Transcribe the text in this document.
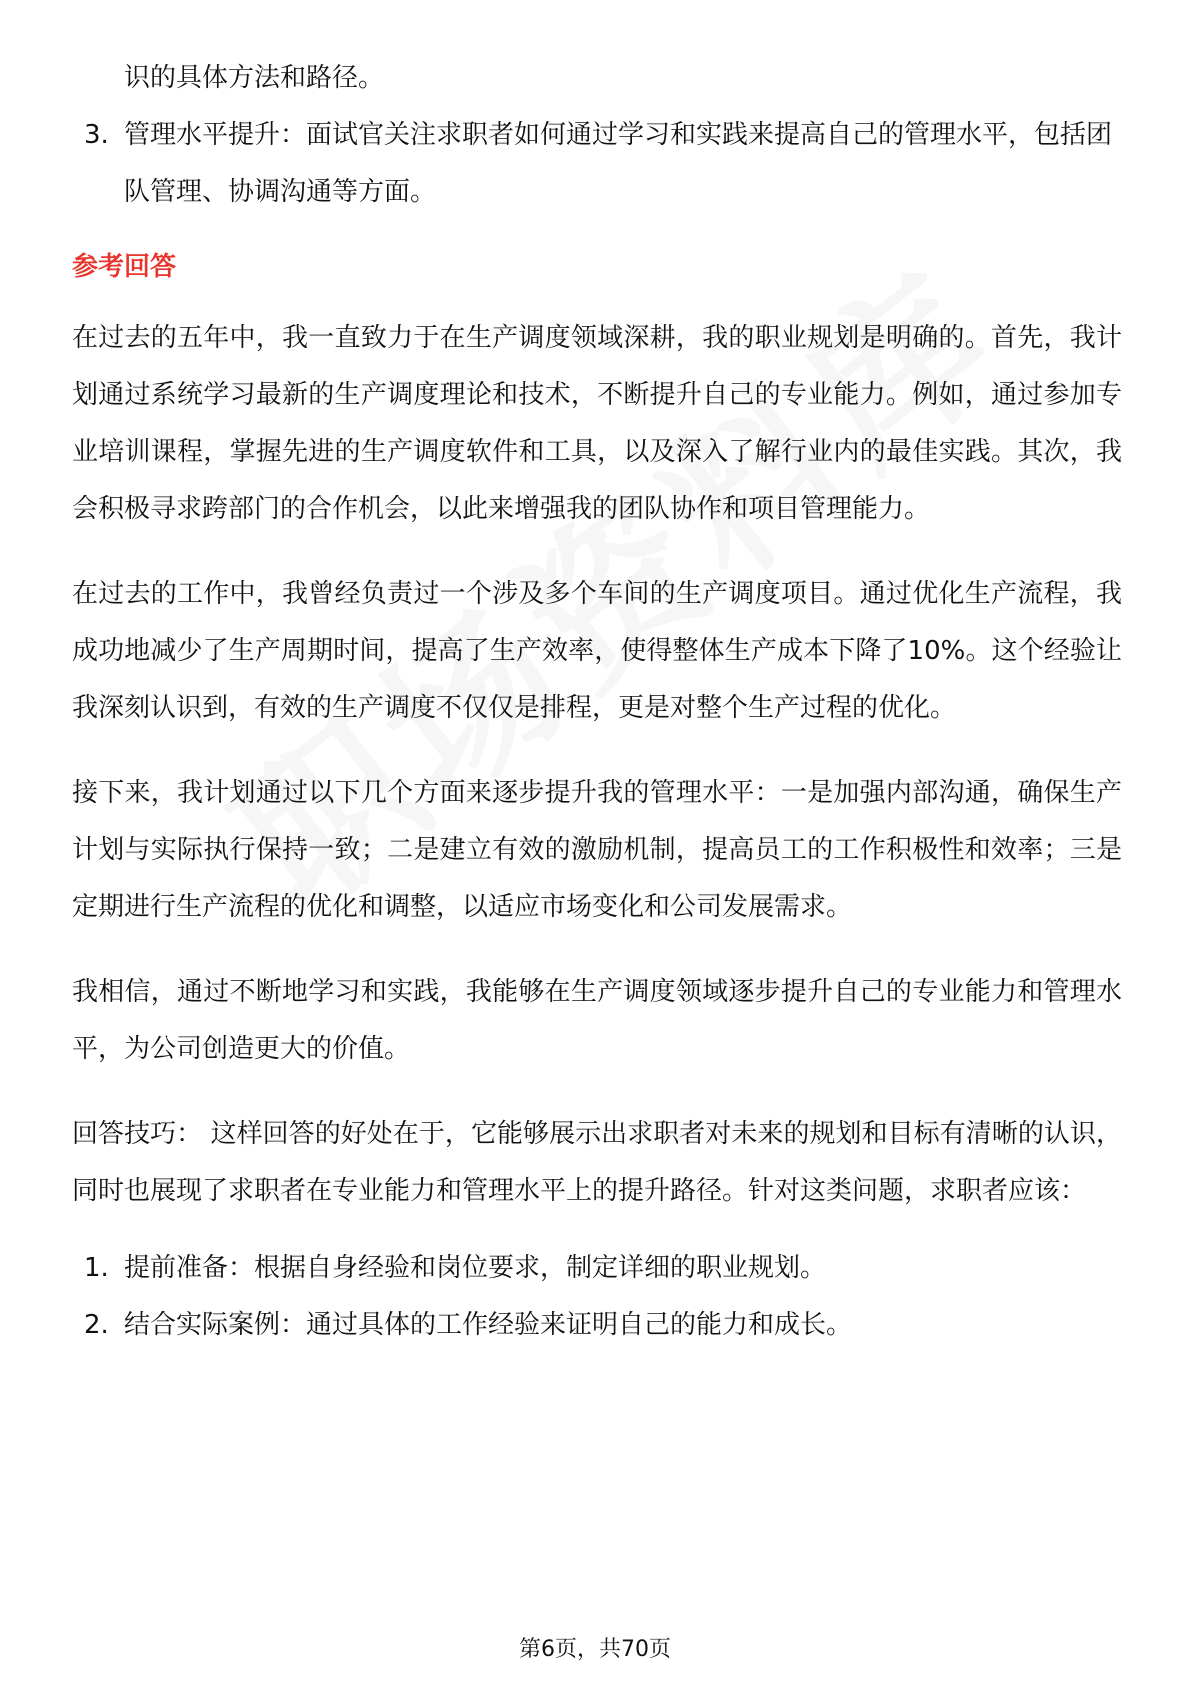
识的具体方法和路径。

3. 管理水平提升：面试官关注求职者如何通过学习和实践来提高自己的管理水平，包括团队管理、协调沟通等方面。
参考回答

在过去的五年中，我一直致力于在生产调度领域深耕，我的职业规划是明确的。首先，我计划通过系统学习最新的生产调度理论和技术，不断提升自己的专业能力。例如，通过参加专业培训课程，掌握先进的生产调度软件和工具，以及深入了解行业内的最佳实践。其次，我会积极寻求跨部门的合作机会，以此来增强我的团队协作和项目管理能力。

在过去的工作中，我曾经负责过一个涉及多个车间的生产调度项目。通过优化生产流程，我成功地减少了生产周期时间，提高了生产效率，使得整体生产成本下降了10%。这个经验让我深刻认识到，有效的生产调度不仅仅是排程，更是对整个生产过程的优化。

接下来，我计划通过以下几个方面来逐步提升我的管理水平：一是加强内部沟通，确保生产计划与实际执行保持一致；二是建立有效的激励机制，提高员工的工作积极性和效率；三是定期进行生产流程的优化和调整，以适应市场变化和公司发展需求。

我相信，通过不断地学习和实践，我能够在生产调度领域逐步提升自己的专业能力和管理水平，为公司创造更大的价值。

回答技巧： 这样回答的好处在于，它能够展示出求职者对未来的规划和目标有清晰的认识，同时也展现了求职者在专业能力和管理水平上的提升路径。针对这类问题，求职者应该：

1. 提前准备：根据自身经验和岗位要求，制定详细的职业规划。
2. 结合实际案例：通过具体的工作经验来证明自己的能力和成长。
第6页，共70页
